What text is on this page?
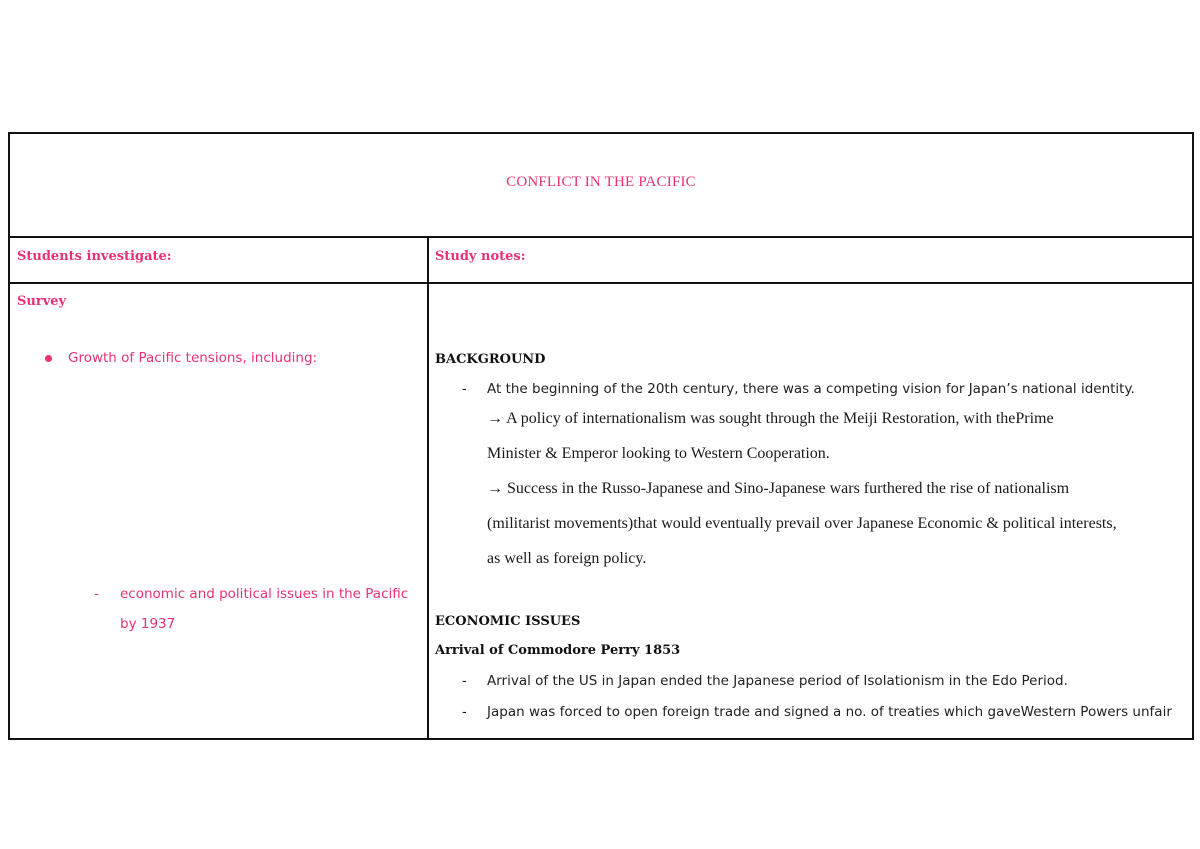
CONFLICT IN THE PACIFIC
Students investigate:	Study notes:
Survey
Growth of Pacific tensions, including:
- economic and political issues in the Pacific by 1937
BACKGROUND
- At the beginning of the 20th century, there was a competing vision for Japan’s national identity.
→ A policy of internationalism was sought through the Meiji Restoration, with thePrime
Minister & Emperor looking to Western Cooperation.
→ Success in the Russo-Japanese and Sino-Japanese wars furthered the rise of nationalism
(militarist movements)that would eventually prevail over Japanese Economic & political interests,
as well as foreign policy.
ECONOMIC ISSUES
Arrival of Commodore Perry 1853
- Arrival of the US in Japan ended the Japanese period of Isolationism in the Edo Period.
- Japan was forced to open foreign trade and signed a no. of treaties which gaveWestern Powers unfair
